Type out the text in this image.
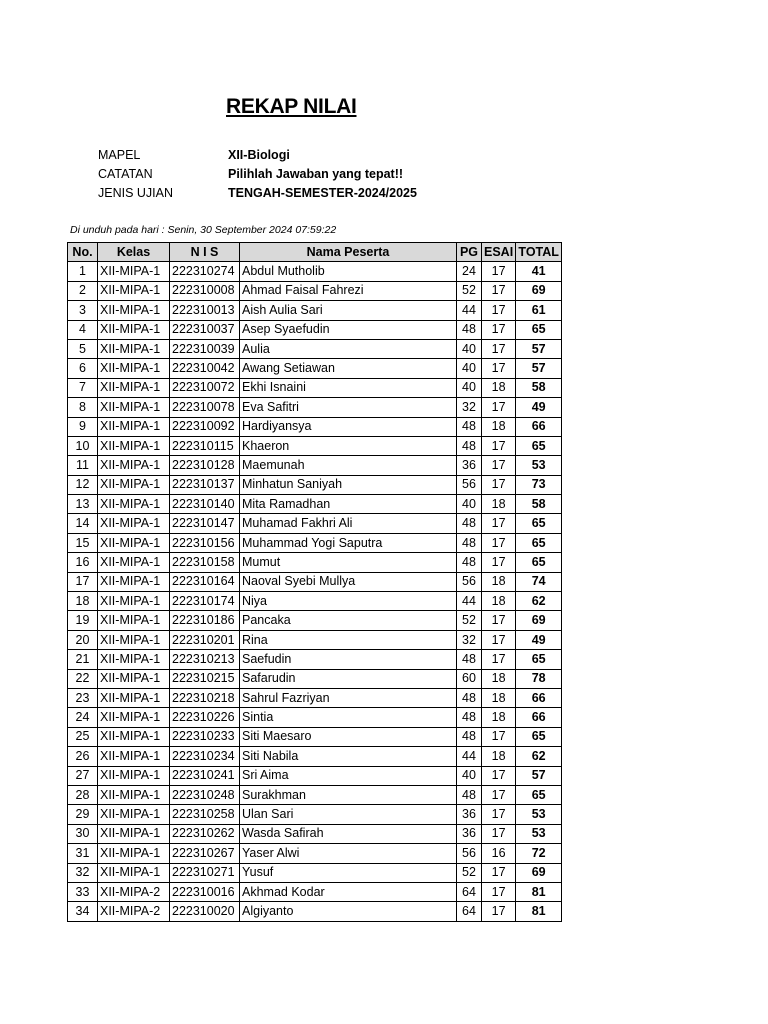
REKAP NILAI
MAPEL	XII-Biologi
CATATAN	Pilihlah Jawaban yang tepat!!
JENIS UJIAN	TENGAH-SEMESTER-2024/2025
Di unduh pada hari : Senin, 30 September 2024 07:59:22
No.	Kelas	N I S	Nama Peserta	PG	ESAI	TOTAL
1	XII-MIPA-1	222310274	Abdul Mutholib	24	17	41
2	XII-MIPA-1	222310008	Ahmad Faisal Fahrezi	52	17	69
3	XII-MIPA-1	222310013	Aish Aulia Sari	44	17	61
4	XII-MIPA-1	222310037	Asep Syaefudin	48	17	65
5	XII-MIPA-1	222310039	Aulia	40	17	57
6	XII-MIPA-1	222310042	Awang Setiawan	40	17	57
7	XII-MIPA-1	222310072	Ekhi Isnaini	40	18	58
8	XII-MIPA-1	222310078	Eva Safitri	32	17	49
9	XII-MIPA-1	222310092	Hardiyansya	48	18	66
10	XII-MIPA-1	222310115	Khaeron	48	17	65
11	XII-MIPA-1	222310128	Maemunah	36	17	53
12	XII-MIPA-1	222310137	Minhatun Saniyah	56	17	73
13	XII-MIPA-1	222310140	Mita Ramadhan	40	18	58
14	XII-MIPA-1	222310147	Muhamad Fakhri Ali	48	17	65
15	XII-MIPA-1	222310156	Muhammad Yogi Saputra	48	17	65
16	XII-MIPA-1	222310158	Mumut	48	17	65
17	XII-MIPA-1	222310164	Naoval Syebi Mullya	56	18	74
18	XII-MIPA-1	222310174	Niya	44	18	62
19	XII-MIPA-1	222310186	Pancaka	52	17	69
20	XII-MIPA-1	222310201	Rina	32	17	49
21	XII-MIPA-1	222310213	Saefudin	48	17	65
22	XII-MIPA-1	222310215	Safarudin	60	18	78
23	XII-MIPA-1	222310218	Sahrul Fazriyan	48	18	66
24	XII-MIPA-1	222310226	Sintia	48	18	66
25	XII-MIPA-1	222310233	Siti Maesaro	48	17	65
26	XII-MIPA-1	222310234	Siti Nabila	44	18	62
27	XII-MIPA-1	222310241	Sri Aima	40	17	57
28	XII-MIPA-1	222310248	Surakhman	48	17	65
29	XII-MIPA-1	222310258	Ulan Sari	36	17	53
30	XII-MIPA-1	222310262	Wasda Safirah	36	17	53
31	XII-MIPA-1	222310267	Yaser Alwi	56	16	72
32	XII-MIPA-1	222310271	Yusuf	52	17	69
33	XII-MIPA-2	222310016	Akhmad Kodar	64	17	81
34	XII-MIPA-2	222310020	Algiyanto	64	17	81
